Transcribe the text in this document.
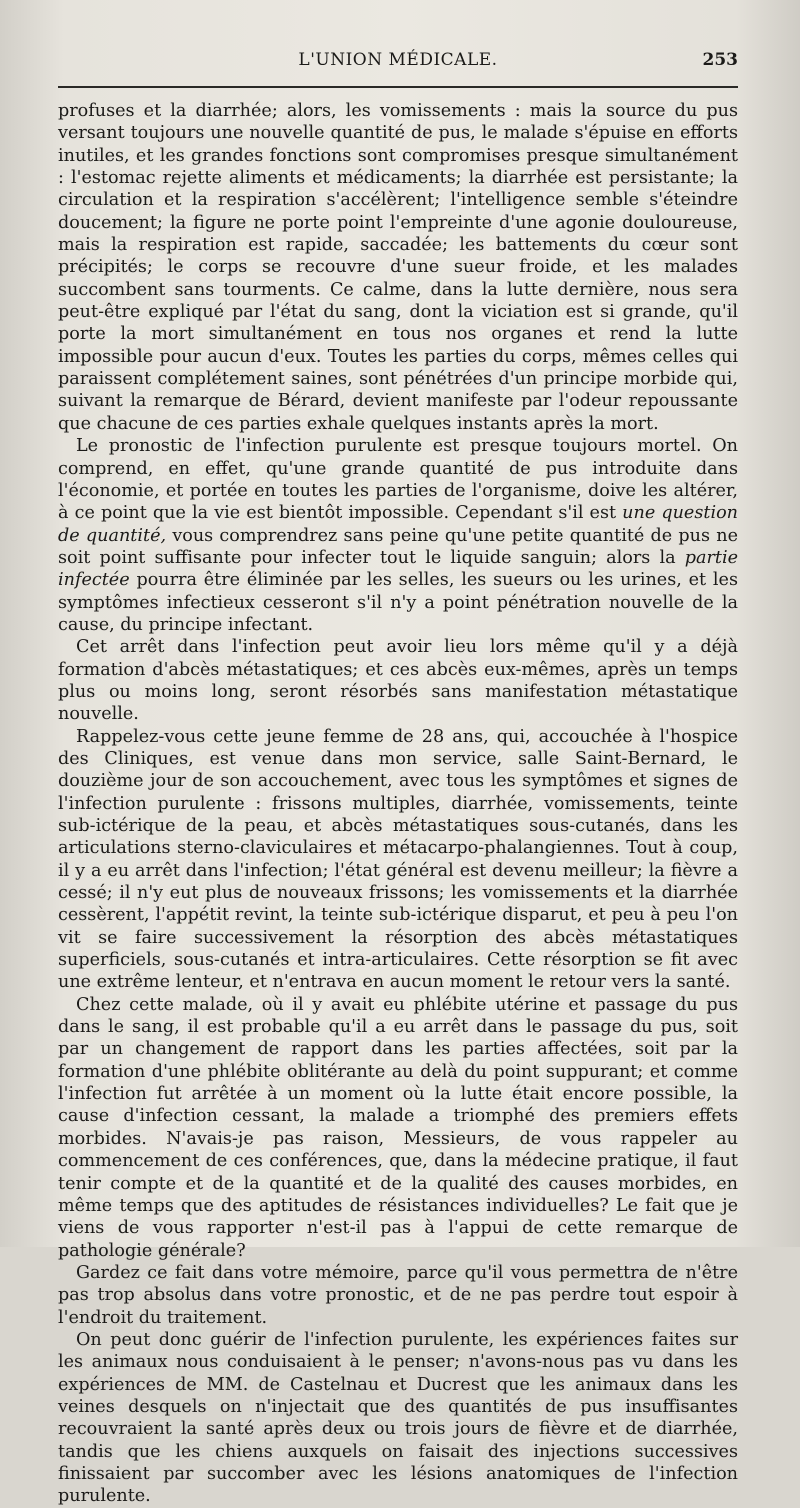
L'UNION MÉDICALE.	253

profuses et la diarrhée; alors, les vomissements : mais la source du pus versant toujours une nouvelle quantité de pus, le malade s'épuise en efforts inutiles, et les grandes fonctions sont compromises presque simultanément : l'estomac rejette aliments et médicaments; la diarrhée est persistante; la circulation et la respiration s'accélèrent; l'intelligence semble s'éteindre doucement; la figure ne porte point l'empreinte d'une agonie douloureuse, mais la respiration est rapide, saccadée; les battements du cœur sont précipités; le corps se recouvre d'une sueur froide, et les malades succombent sans tourments. Ce calme, dans la lutte dernière, nous sera peut-être expliqué par l'état du sang, dont la viciation est si grande, qu'il porte la mort simultanément en tous nos organes et rend la lutte impossible pour aucun d'eux. Toutes les parties du corps, mêmes celles qui paraissent complétement saines, sont pénétrées d'un principe morbide qui, suivant la remarque de Bérard, devient manifeste par l'odeur repoussante que chacune de ces parties exhale quelques instants après la mort.

Le pronostic de l'infection purulente est presque toujours mortel. On comprend, en effet, qu'une grande quantité de pus introduite dans l'économie, et portée en toutes les parties de l'organisme, doive les altérer, à ce point que la vie est bientôt impossible. Cependant s'il est une question de quantité, vous comprendrez sans peine qu'une petite quantité de pus ne soit point suffisante pour infecter tout le liquide sanguin; alors la partie infectée pourra être éliminée par les selles, les sueurs ou les urines, et les symptômes infectieux cesseront s'il n'y a point pénétration nouvelle de la cause, du principe infectant.

Cet arrêt dans l'infection peut avoir lieu lors même qu'il y a déjà formation d'abcès métastatiques; et ces abcès eux-mêmes, après un temps plus ou moins long, seront résorbés sans manifestation métastatique nouvelle.

Rappelez-vous cette jeune femme de 28 ans, qui, accouchée à l'hospice des Cliniques, est venue dans mon service, salle Saint-Bernard, le douzième jour de son accouchement, avec tous les symptômes et signes de l'infection purulente : frissons multiples, diarrhée, vomissements, teinte sub-ictérique de la peau, et abcès métastatiques sous-cutanés, dans les articulations sterno-claviculaires et métacarpo-phalangiennes. Tout à coup, il y a eu arrêt dans l'infection; l'état général est devenu meilleur; la fièvre a cessé; il n'y eut plus de nouveaux frissons; les vomissements et la diarrhée cessèrent, l'appétit revint, la teinte sub-ictérique disparut, et peu à peu l'on vit se faire successivement la résorption des abcès métastatiques superficiels, sous-cutanés et intra-articulaires. Cette résorption se fit avec une extrême lenteur, et n'entrava en aucun moment le retour vers la santé.

Chez cette malade, où il y avait eu phlébite utérine et passage du pus dans le sang, il est probable qu'il a eu arrêt dans le passage du pus, soit par un changement de rapport dans les parties affectées, soit par la formation d'une phlébite oblitérante au delà du point suppurant; et comme l'infection fut arrêtée à un moment où la lutte était encore possible, la cause d'infection cessant, la malade a triomphé des premiers effets morbides. N'avais-je pas raison, Messieurs, de vous rappeler au commencement de ces conférences, que, dans la médecine pratique, il faut tenir compte et de la quantité et de la qualité des causes morbides, en même temps que des aptitudes de résistances individuelles? Le fait que je viens de vous rapporter n'est-il pas à l'appui de cette remarque de pathologie générale?

Gardez ce fait dans votre mémoire, parce qu'il vous permettra de n'être pas trop absolus dans votre pronostic, et de ne pas perdre tout espoir à l'endroit du traitement.

On peut donc guérir de l'infection purulente, les expériences faites sur les animaux nous conduisaient à le penser; n'avons-nous pas vu dans les expériences de MM. de Castelnau et Ducrest que les animaux dans les veines desquels on n'injectait que des quantités de pus insuffisantes recouvraient la santé après deux ou trois jours de fièvre et de diarrhée, tandis que les chiens auxquels on faisait des injections successives finissaient par succomber avec les lésions anatomiques de l'infection purulente.
